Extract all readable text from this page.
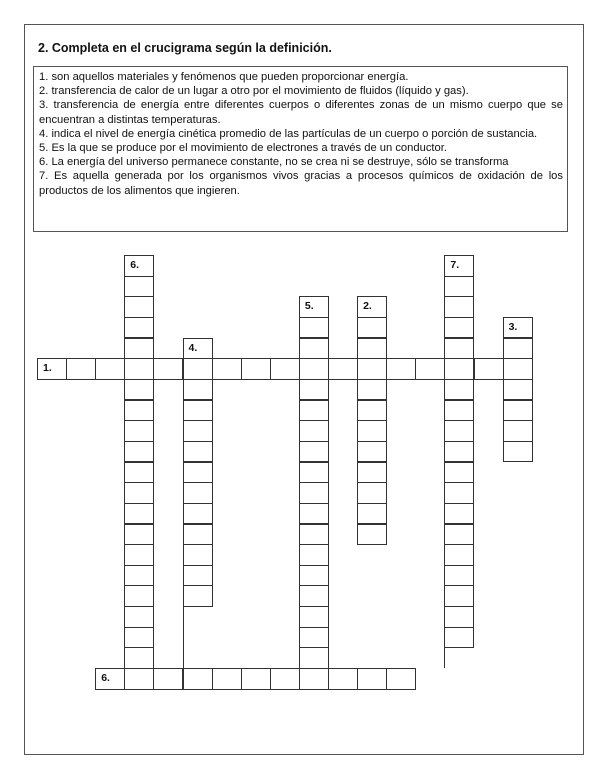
2. Completa en el crucigrama según la definición.

1. son aquellos materiales y fenómenos que pueden proporcionar energía.

2. transferencia de calor de un lugar a otro por el movimiento de fluidos (líquido y gas).

3. transferencia de energía entre diferentes cuerpos o diferentes zonas de un mismo cuerpo que se encuentran a distintas temperaturas.

4. indica el nivel de energía cinética promedio de las partículas de un cuerpo o porción de sustancia.

5. Es la que se produce por el movimiento de electrones a través de un conductor.

6. La energía del universo permanece constante, no se crea ni se destruye, sólo se transforma

7. Es aquella generada por los organismos vivos gracias a procesos químicos de oxidación de los productos de los alimentos que ingieren.

6.	7.
5.	2.
3.
4.
1.
6.
